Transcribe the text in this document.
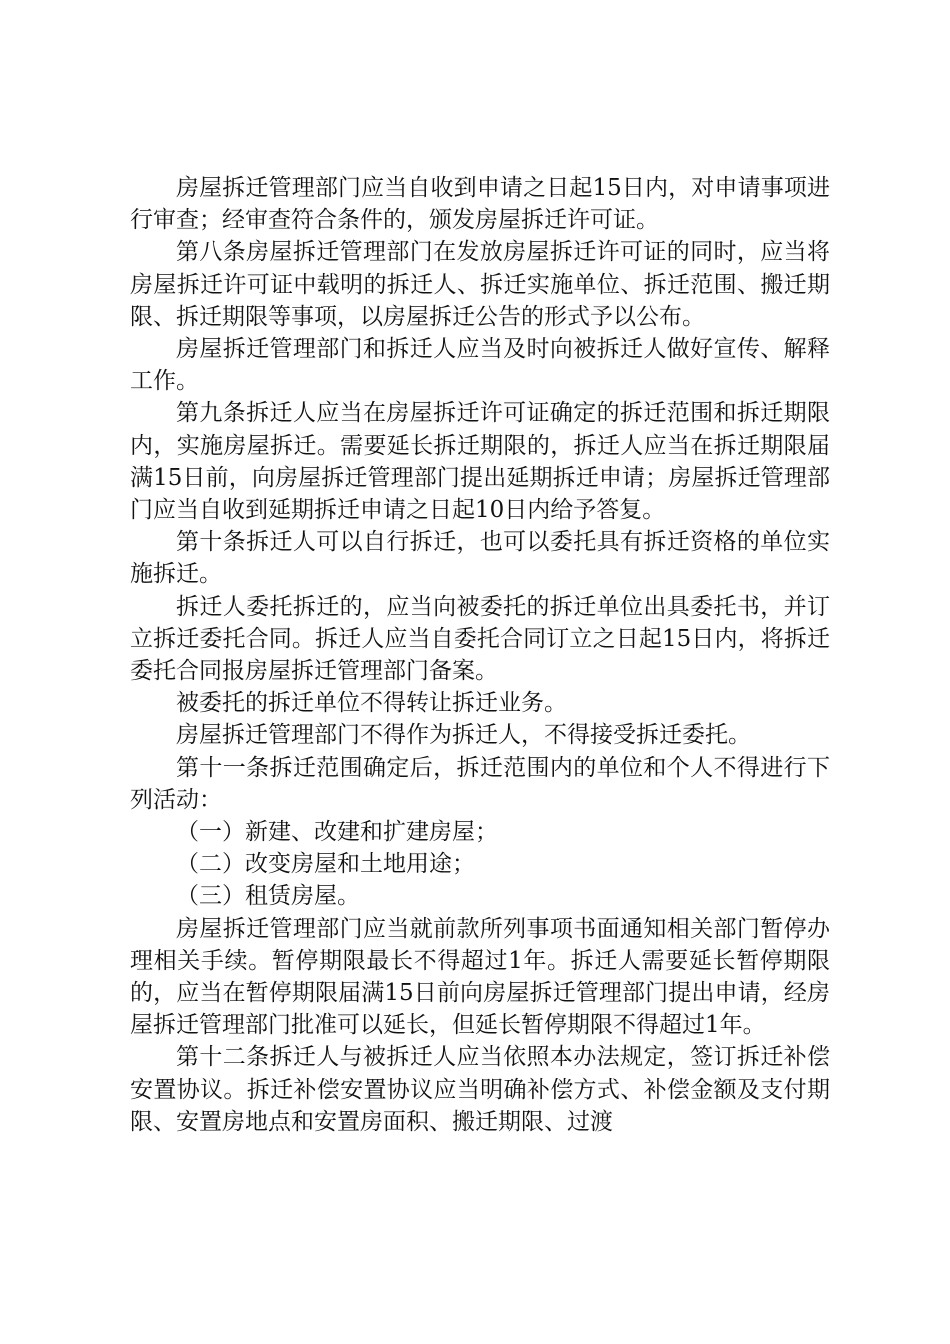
房屋拆迁管理部门应当自收到申请之日起15日内，对申请事项进行审查；经审查符合条件的，颁发房屋拆迁许可证。

第八条房屋拆迁管理部门在发放房屋拆迁许可证的同时，应当将房屋拆迁许可证中载明的拆迁人、拆迁实施单位、拆迁范围、搬迁期限、拆迁期限等事项，以房屋拆迁公告的形式予以公布。

房屋拆迁管理部门和拆迁人应当及时向被拆迁人做好宣传、解释工作。

第九条拆迁人应当在房屋拆迁许可证确定的拆迁范围和拆迁期限内，实施房屋拆迁。需要延长拆迁期限的，拆迁人应当在拆迁期限届满15日前，向房屋拆迁管理部门提出延期拆迁申请；房屋拆迁管理部门应当自收到延期拆迁申请之日起10日内给予答复。

第十条拆迁人可以自行拆迁，也可以委托具有拆迁资格的单位实施拆迁。

拆迁人委托拆迁的，应当向被委托的拆迁单位出具委托书，并订立拆迁委托合同。拆迁人应当自委托合同订立之日起15日内，将拆迁委托合同报房屋拆迁管理部门备案。

被委托的拆迁单位不得转让拆迁业务。

房屋拆迁管理部门不得作为拆迁人，不得接受拆迁委托。

第十一条拆迁范围确定后，拆迁范围内的单位和个人不得进行下列活动：

（一）新建、改建和扩建房屋；

（二）改变房屋和土地用途；

（三）租赁房屋。

房屋拆迁管理部门应当就前款所列事项书面通知相关部门暂停办理相关手续。暂停期限最长不得超过1年。拆迁人需要延长暂停期限的，应当在暂停期限届满15日前向房屋拆迁管理部门提出申请，经房屋拆迁管理部门批准可以延长，但延长暂停期限不得超过1年。

第十二条拆迁人与被拆迁人应当依照本办法规定，签订拆迁补偿安置协议。拆迁补偿安置协议应当明确补偿方式、补偿金额及支付期限、安置房地点和安置房面积、搬迁期限、过渡
